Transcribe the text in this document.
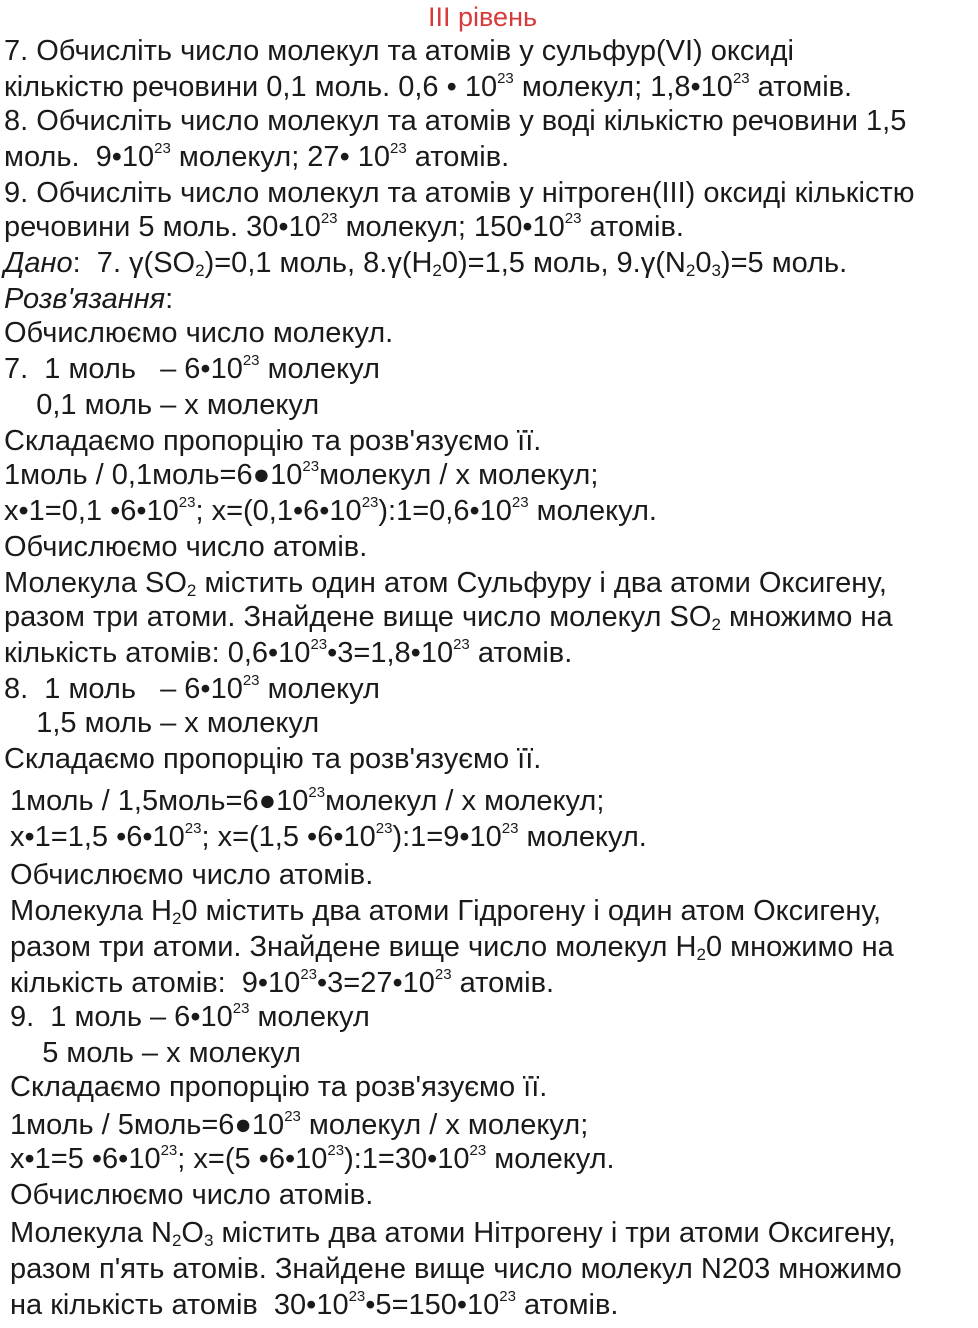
III рівень
7. Обчисліть число молекул та атомів у сульфур(VI) оксиді
кількістю речовини 0,1 моль. 0,6 • $10^{23}$ молекул; $1,8•10^{23}$ атомів.
8. Обчисліть число молекул та атомів у воді кількістю речовини 1,5
моль.  $9•10^{23}$ молекул; 27• $10^{23}$ атомів.
9. Обчисліть число молекул та атомів у нітроген(III) оксиді кількістю
речовини 5 моль. $30•10^{23}$ молекул; $150•10^{23}$ атомів.
Дано:  7. $\gamma(SO_2)=0,1$ моль, $8.\gamma(H_20)=1,5$ моль, $9.\gamma(N_20_3)=5$ моль.
Розв'язання:
Обчислюємо число молекул.
7.  1 моль   – $6•10^{23}$ молекул
0,1 моль – х молекул
Складаємо пропорцію та розв'язуємо її.
1моль / $0,1моль=6●10^{23}молекул / х$ молекул;
х•1=0,1 $•6•10^{23}$; $х=(0,1•6•10^{23}):1=0,6•10^{23}$ молекул.
Обчислюємо число атомів.
Молекула $SO_2$ містить один атом Сульфуру і два атоми Оксигену,
разом три атоми. Знайдене вище число молекул $SO_2$ множимо на
кількість атомів: $0,6•10^{23}•3=1,8•10^{23}$ атомів.
8.  1 моль   – $6•10^{23}$ молекул
1,5 моль – х молекул
Складаємо пропорцію та розв'язуємо її.
1моль / $1,5моль=6●10^{23}молекул / х$ молекул;
х•1=1,5 $•6•10^{23}$; х=(1,5 $•6•10^{23}):1=9•10^{23}$ молекул.
Обчислюємо число атомів.
Молекула $H_20$ містить два атоми Гідрогену і один атом Оксигену,
разом три атоми. Знайдене вище число молекул $H_20$ множимо на
кількість атомів:  $9•10^{23}•3=27•10^{23}$ атомів.
9.  1 моль – $6•10^{23}$ молекул
5 моль – х молекул
Складаємо пропорцію та розв'язуємо її.
1моль / $5моль=6●10^{23}$ молекул / х молекул;
х•1=5 $•6•10^{23}$; х=(5 $•6•10^{23}):1=30•10^{23}$ молекул.
Обчислюємо число атомів.
Молекула $N_2O_3$ містить два атоми Нітрогену і три атоми Оксигену,
разом п'ять атомів. Знайдене вище число молекул N203 множимо
на кількість атомів  $30•10^{23}•5=150•10^{23}$ атомів.
